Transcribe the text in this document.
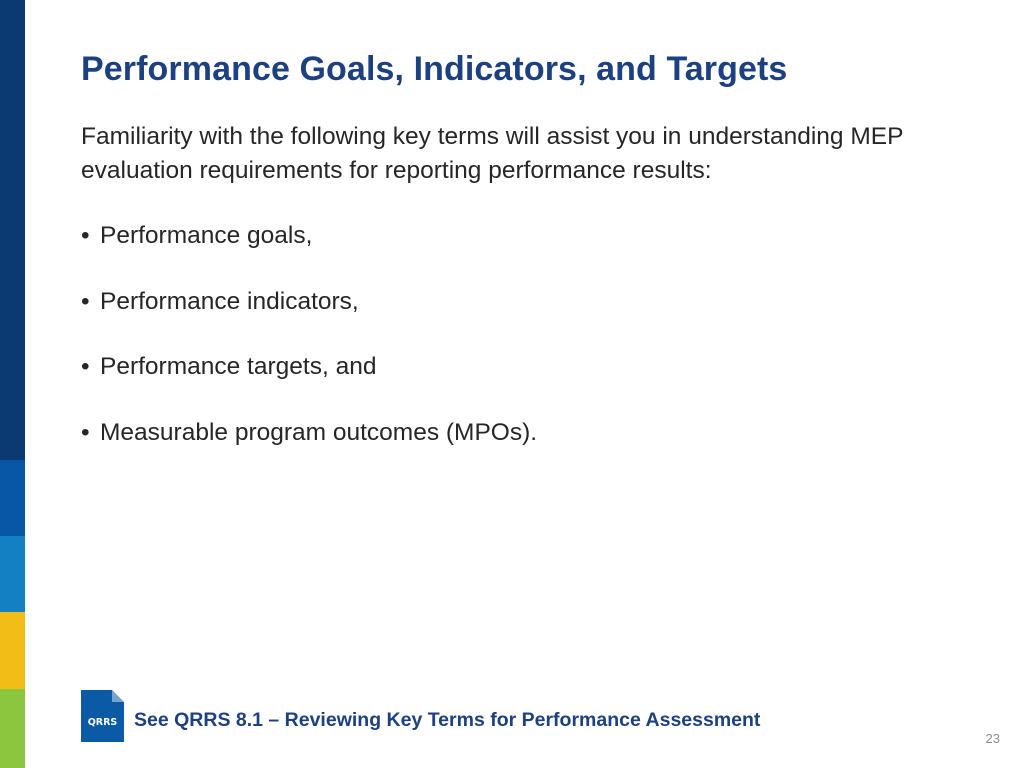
Performance Goals, Indicators, and Targets

Familiarity with the following key terms will assist you in understanding MEP evaluation requirements for reporting performance results:

• Performance goals,
• Performance indicators,
• Performance targets, and
• Measurable program outcomes (MPOs).
QRRS See QRRS 8.1 – Reviewing Key Terms for Performance Assessment
23
